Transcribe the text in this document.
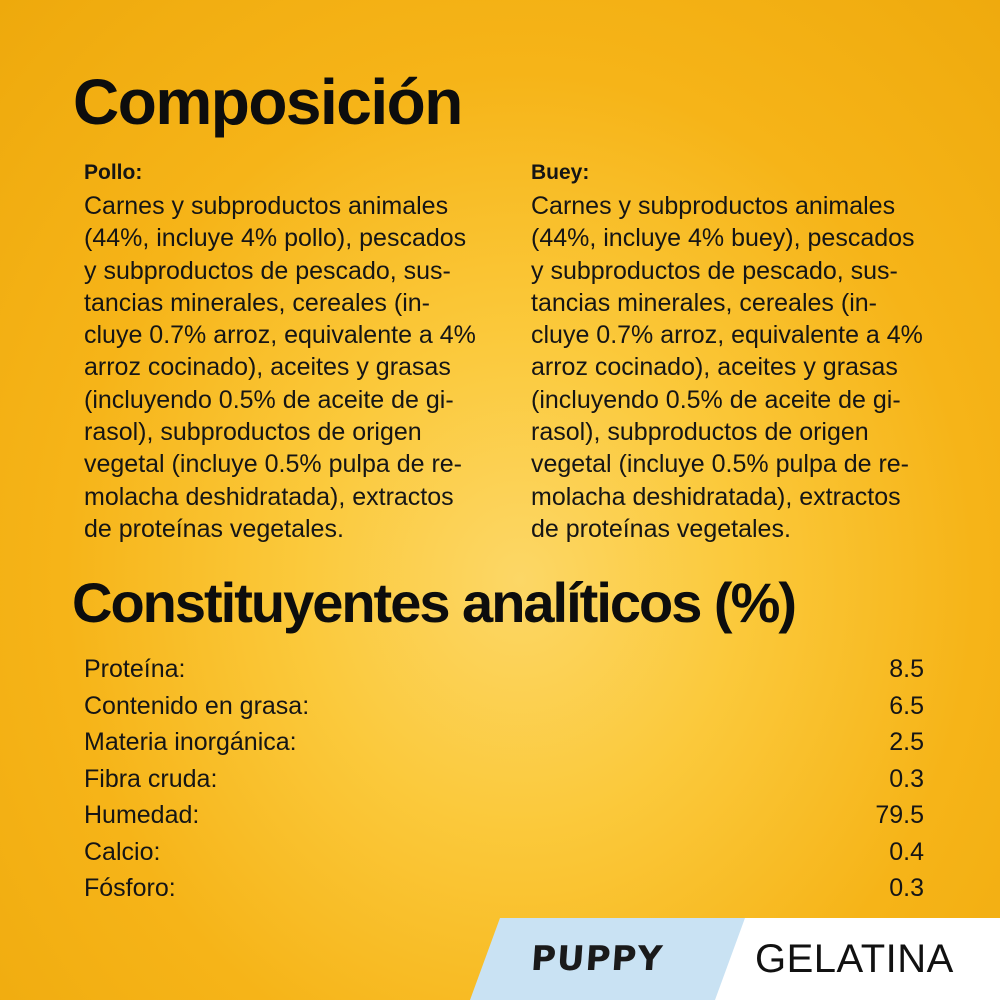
Composición
Pollo:
Carnes y subproductos animales
(44%, incluye 4% pollo), pescados
y subproductos de pescado, sus-
tancias minerales, cereales (in-
cluye 0.7% arroz, equivalente a 4%
arroz cocinado), aceites y grasas
(incluyendo 0.5% de aceite de gi-
rasol), subproductos de origen
vegetal (incluye 0.5% pulpa de re-
molacha deshidratada), extractos
de proteínas vegetales.
Buey:
Carnes y subproductos animales
(44%, incluye 4% buey), pescados
y subproductos de pescado, sus-
tancias minerales, cereales (in-
cluye 0.7% arroz, equivalente a 4%
arroz cocinado), aceites y grasas
(incluyendo 0.5% de aceite de gi-
rasol), subproductos de origen
vegetal (incluye 0.5% pulpa de re-
molacha deshidratada), extractos
de proteínas vegetales.
Constituyentes analíticos (%)
Proteína:	8.5
Contenido en grasa:	6.5
Materia inorgánica:	2.5
Fibra cruda:	0.3
Humedad:	79.5
Calcio:	0.4
Fósforo:	0.3
PUPPY GELATINA
